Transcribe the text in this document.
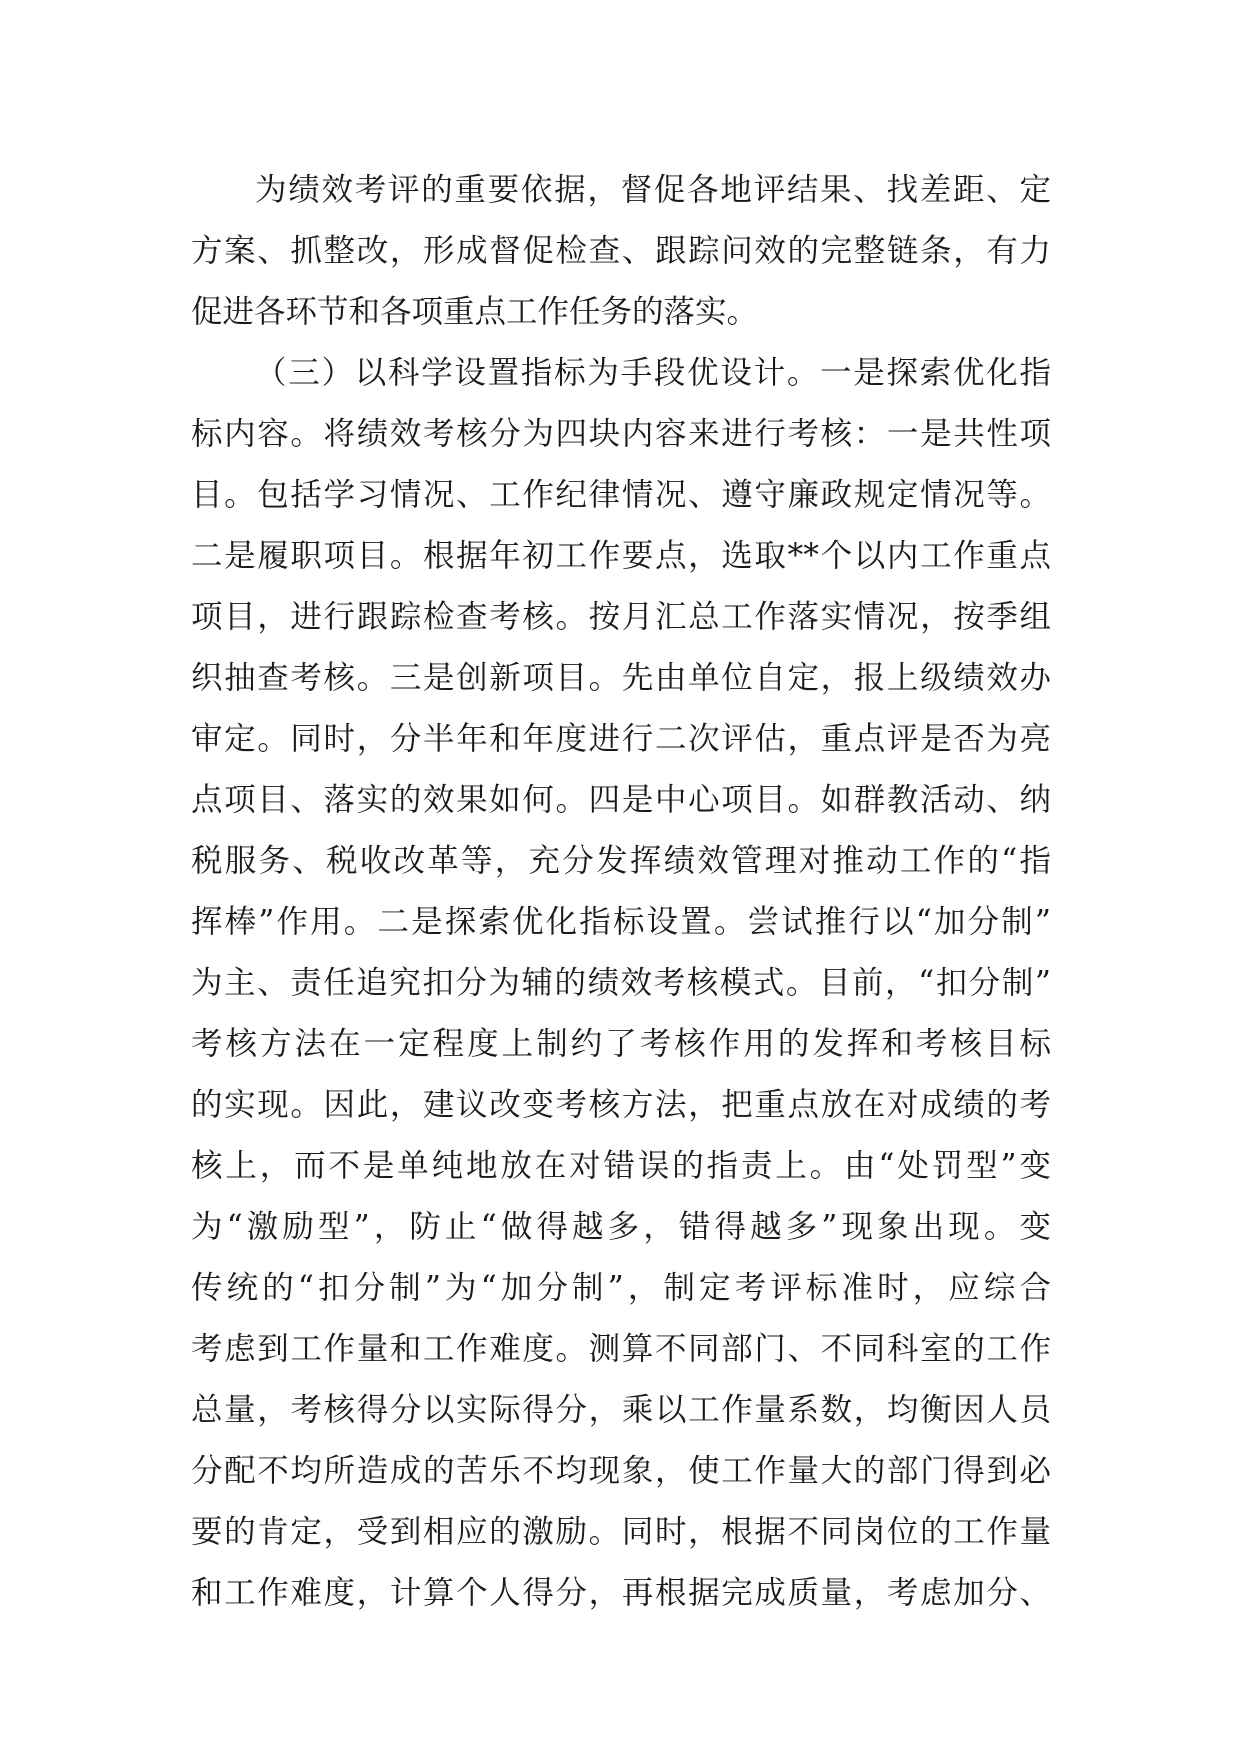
为绩效考评的重要依据，督促各地评结果、找差距、定
方案、抓整改，形成督促检查、跟踪问效的完整链条，有力
促进各环节和各项重点工作任务的落实。
（三）以科学设置指标为手段优设计。一是探索优化指
标内容。将绩效考核分为四块内容来进行考核：一是共性项
目。包括学习情况、工作纪律情况、遵守廉政规定情况等。
二是履职项目。根据年初工作要点，选取**个以内工作重点
项目，进行跟踪检查考核。按月汇总工作落实情况，按季组
织抽查考核。三是创新项目。先由单位自定，报上级绩效办
审定。同时，分半年和年度进行二次评估，重点评是否为亮
点项目、落实的效果如何。四是中心项目。如群教活动、纳
税服务、税收改革等，充分发挥绩效管理对推动工作的“指
挥棒”作用。二是探索优化指标设置。尝试推行以“加分制”
为主、责任追究扣分为辅的绩效考核模式。目前，“扣分制”
考核方法在一定程度上制约了考核作用的发挥和考核目标
的实现。因此，建议改变考核方法，把重点放在对成绩的考
核上，而不是单纯地放在对错误的指责上。由“处罚型”变
为“激励型”，防止“做得越多，错得越多”现象出现。变
传统的“扣分制”为“加分制”，制定考评标准时，应综合
考虑到工作量和工作难度。测算不同部门、不同科室的工作
总量，考核得分以实际得分，乘以工作量系数，均衡因人员
分配不均所造成的苦乐不均现象，使工作量大的部门得到必
要的肯定，受到相应的激励。同时，根据不同岗位的工作量
和工作难度，计算个人得分，再根据完成质量，考虑加分、
